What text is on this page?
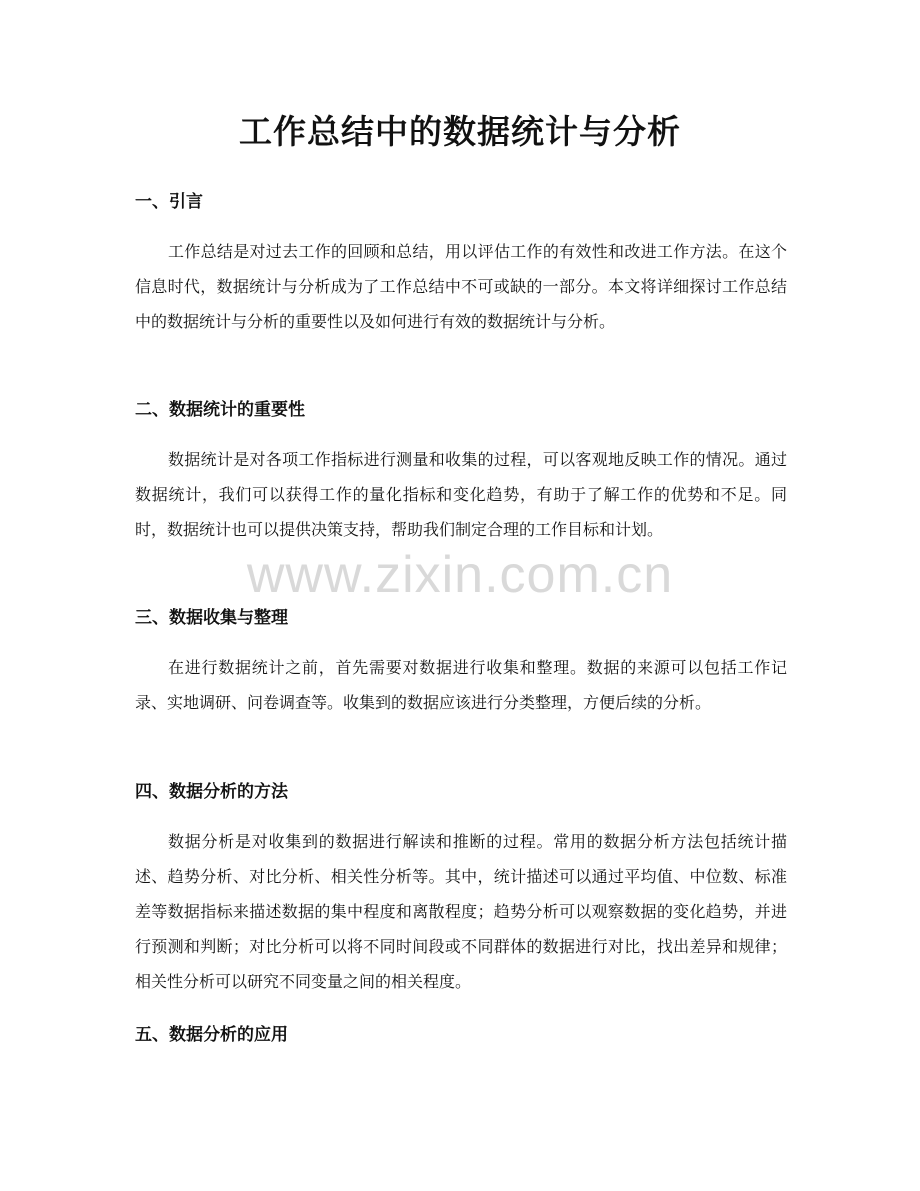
工作总结中的数据统计与分析
一、引言

工作总结是对过去工作的回顾和总结，用以评估工作的有效性和改进工作方法。在这个信息时代，数据统计与分析成为了工作总结中不可或缺的一部分。本文将详细探讨工作总结中的数据统计与分析的重要性以及如何进行有效的数据统计与分析。

二、数据统计的重要性

数据统计是对各项工作指标进行测量和收集的过程，可以客观地反映工作的情况。通过数据统计，我们可以获得工作的量化指标和变化趋势，有助于了解工作的优势和不足。同时，数据统计也可以提供决策支持，帮助我们制定合理的工作目标和计划。

三、数据收集与整理

在进行数据统计之前，首先需要对数据进行收集和整理。数据的来源可以包括工作记录、实地调研、问卷调查等。收集到的数据应该进行分类整理，方便后续的分析。

四、数据分析的方法

数据分析是对收集到的数据进行解读和推断的过程。常用的数据分析方法包括统计描述、趋势分析、对比分析、相关性分析等。其中，统计描述可以通过平均值、中位数、标准差等数据指标来描述数据的集中程度和离散程度；趋势分析可以观察数据的变化趋势，并进行预测和判断；对比分析可以将不同时间段或不同群体的数据进行对比，找出差异和规律；相关性分析可以研究不同变量之间的相关程度。

五、数据分析的应用
www.zixin.com.cn
